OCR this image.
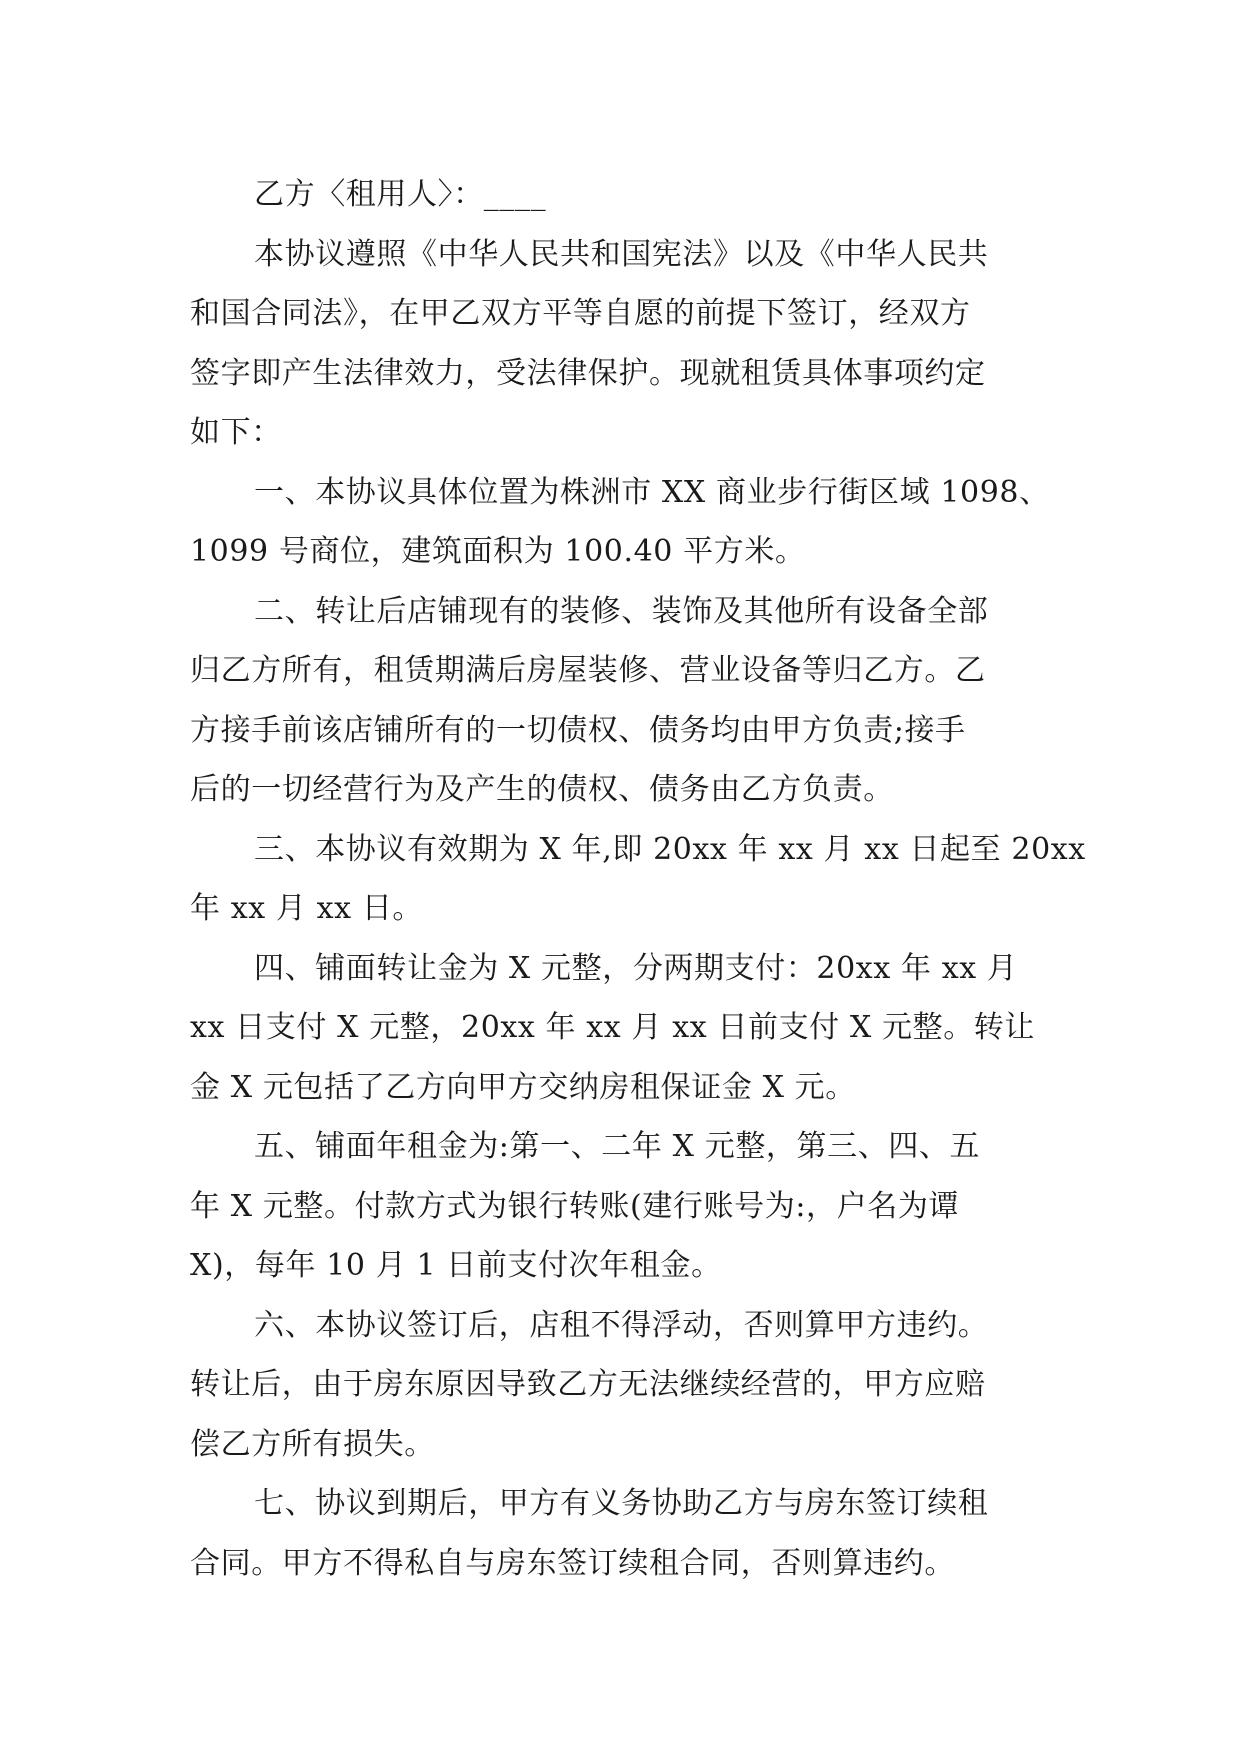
乙方〈租用人〉：____
本协议遵照《中华人民共和国宪法》以及《中华人民共
和国合同法》，在甲乙双方平等自愿的前提下签订，经双方
签字即产生法律效力，受法律保护。现就租赁具体事项约定
如下：
一、本协议具体位置为株洲市 XX 商业步行街区域 1098、
1099 号商位，建筑面积为 100.40 平方米。
二、转让后店铺现有的装修、装饰及其他所有设备全部
归乙方所有，租赁期满后房屋装修、营业设备等归乙方。乙
方接手前该店铺所有的一切债权、债务均由甲方负责;接手
后的一切经营行为及产生的债权、债务由乙方负责。
三、本协议有效期为 X 年,即 20xx 年 xx 月 xx 日起至 20xx
年 xx 月 xx 日。
四、铺面转让金为 X 元整，分两期支付：20xx 年 xx 月
xx 日支付 X 元整，20xx 年 xx 月 xx 日前支付 X 元整。转让
金 X 元包括了乙方向甲方交纳房租保证金 X 元。
五、铺面年租金为:第一、二年 X 元整，第三、四、五
年 X 元整。付款方式为银行转账(建行账号为:，户名为谭
X)，每年 10 月 1 日前支付次年租金。
六、本协议签订后，店租不得浮动，否则算甲方违约。
转让后，由于房东原因导致乙方无法继续经营的，甲方应赔
偿乙方所有损失。
七、协议到期后，甲方有义务协助乙方与房东签订续租
合同。甲方不得私自与房东签订续租合同，否则算违约。
